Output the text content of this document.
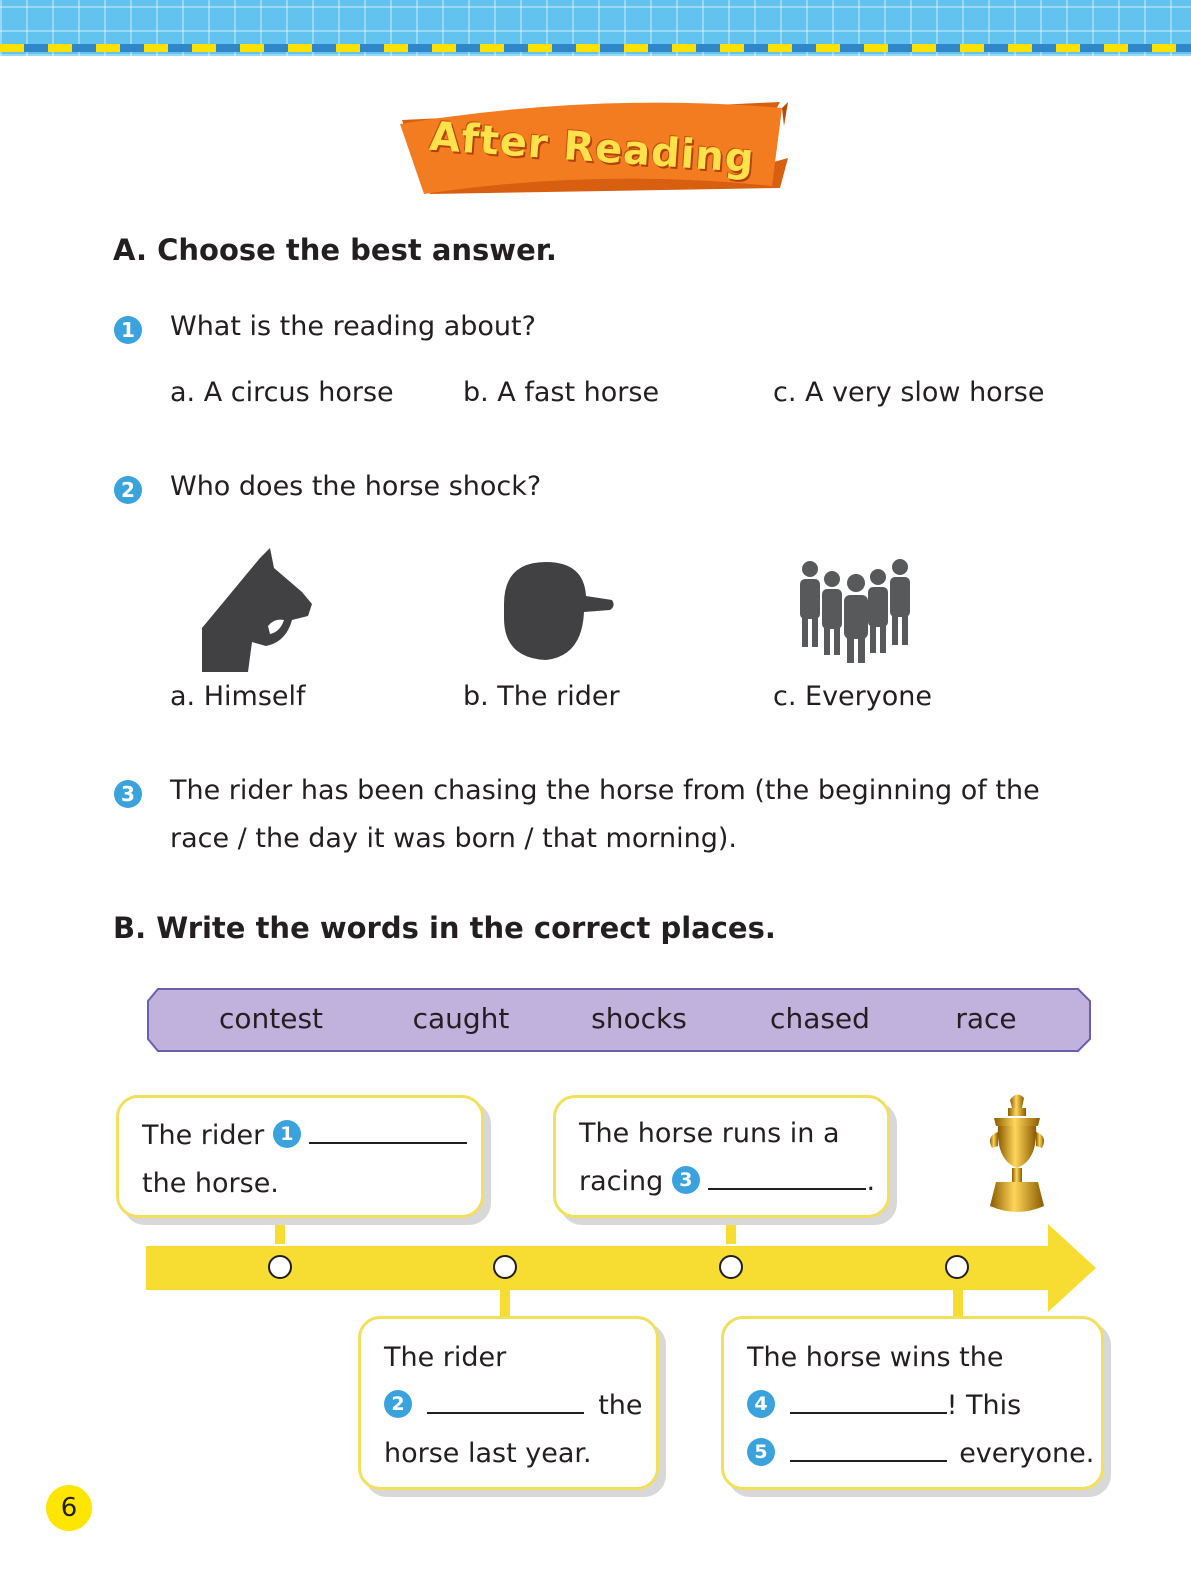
After Reading
A. Choose the best answer.
1 What is the reading about?
a. A circus horse	b. A fast horse	c. A very slow horse
2 Who does the horse shock?
a. Himself	b. The rider	c. Everyone
3 The rider has been chasing the horse from (the beginning of the
race / the day it was born / that morning).
B. Write the words in the correct places.
contest	caught	shocks	chased	race
The rider 1
the horse.
The horse runs in a
racing 3	.
The rider
2	the
horse last year.
The horse wins the
4	! This
5	everyone.
6
